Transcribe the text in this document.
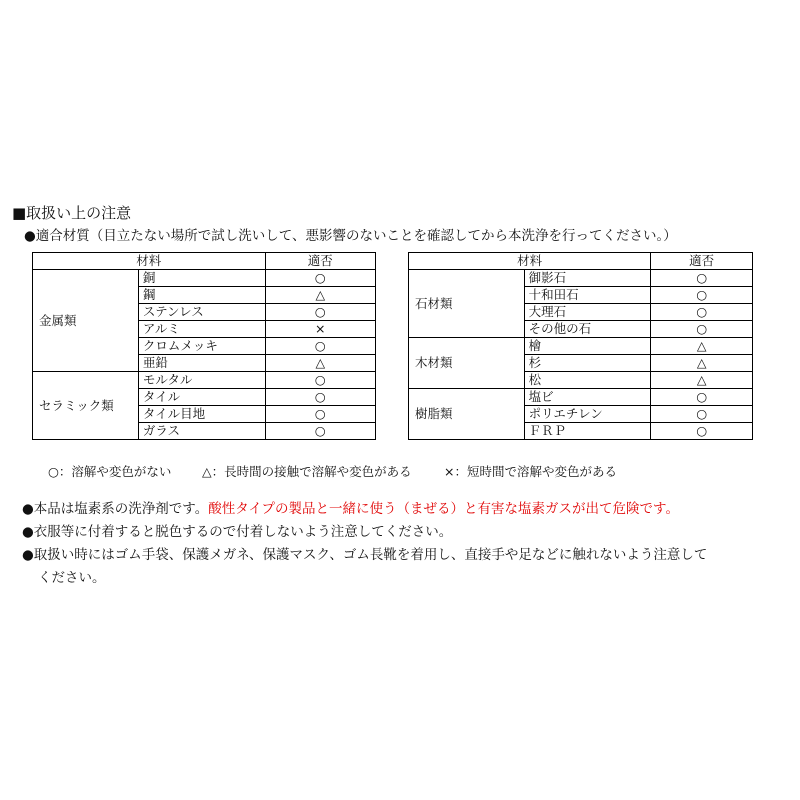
■取扱い上の注意
●適合材質（目立たない場所で試し洗いして、悪影響のないことを確認してから本洗浄を行ってください。）
材料		適否
金属類	銅	○
	鋼	△
	ステンレス	○
	アルミ	×
	クロムメッキ	○
	亜鉛	△
セラミック類	モルタル	○
	タイル	○
	タイル目地	○
	ガラス	○
材料		適否
石材類	御影石	○
	十和田石	○
	大理石	○
	その他の石	○
木材類	檜	△
	杉	△
	松	△
樹脂類	塩ビ	○
	ポリエチレン	○
	ＦＲＰ	○
○：溶解や変色がない △：長時間の接触で溶解や変色がある	×：短時間で溶解や変色がある
●本品は塩素系の洗浄剤です。酸性タイプの製品と一緒に使う（まぜる）と有害な塩素ガスが出て危険です。
●衣服等に付着すると脱色するので付着しないよう注意してください。
●取扱い時にはゴム手袋、保護メガネ、保護マスク、ゴム長靴を着用し、直接手や足などに触れないよう注意して
ください。
